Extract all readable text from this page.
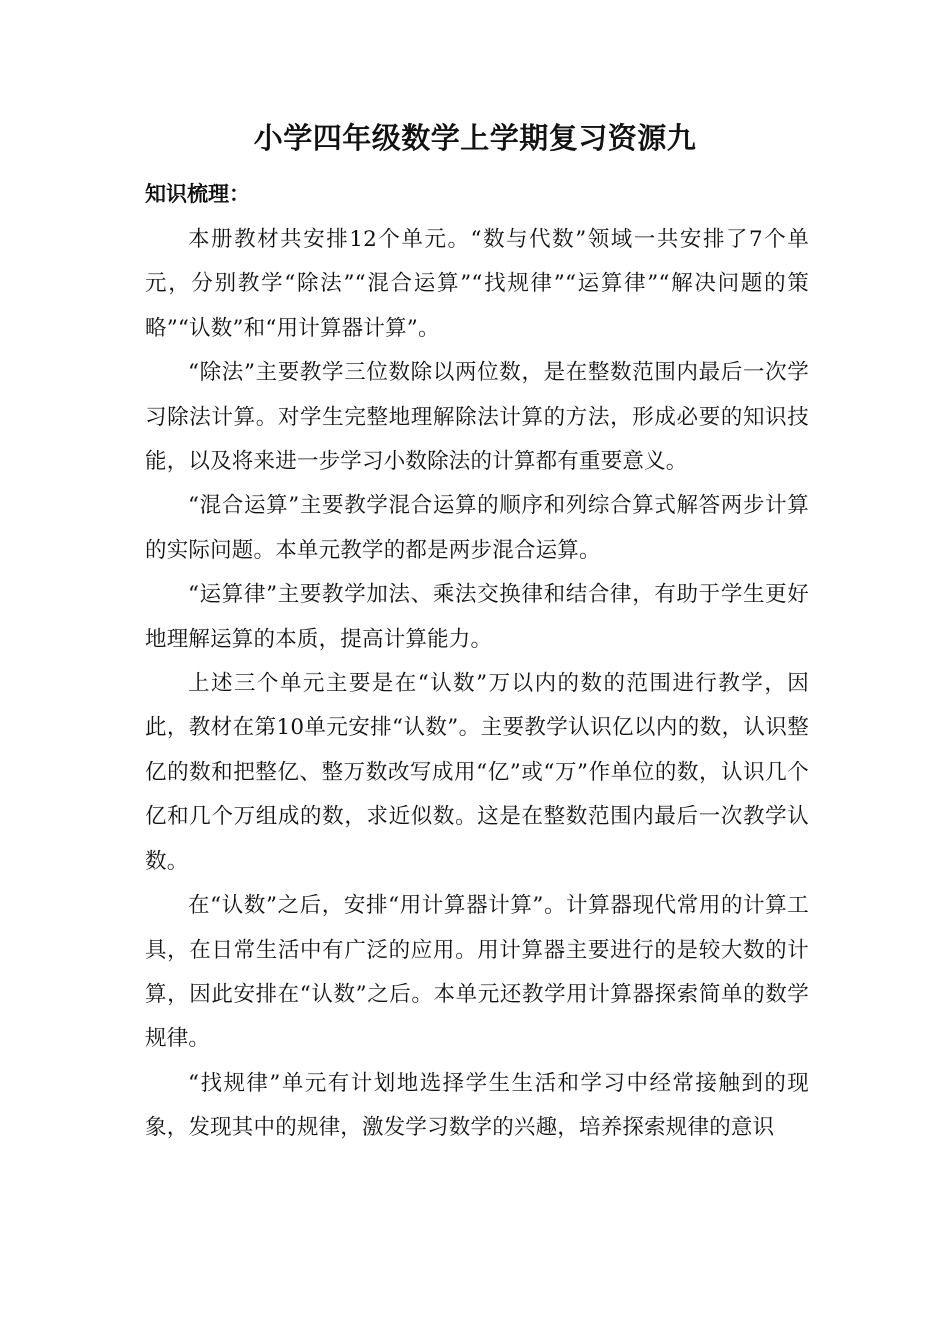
小学四年级数学上学期复习资源九
知识梳理：

本册教材共安排12个单元。“数与代数”领域一共安排了7个单元，分别教学“除法”“混合运算”“找规律”“运算律”“解决问题的策略”“认数”和“用计算器计算”。

“除法”主要教学三位数除以两位数，是在整数范围内最后一次学习除法计算。对学生完整地理解除法计算的方法，形成必要的知识技能，以及将来进一步学习小数除法的计算都有重要意义。

“混合运算”主要教学混合运算的顺序和列综合算式解答两步计算的实际问题。本单元教学的都是两步混合运算。

“运算律”主要教学加法、乘法交换律和结合律，有助于学生更好地理解运算的本质，提高计算能力。

上述三个单元主要是在“认数”万以内的数的范围进行教学，因此，教材在第10单元安排“认数”。主要教学认识亿以内的数，认识整亿的数和把整亿、整万数改写成用“亿”或“万”作单位的数，认识几个亿和几个万组成的数，求近似数。这是在整数范围内最后一次教学认数。

在“认数”之后，安排“用计算器计算”。计算器现代常用的计算工具，在日常生活中有广泛的应用。用计算器主要进行的是较大数的计算，因此安排在“认数”之后。本单元还教学用计算器探索简单的数学规律。

“找规律”单元有计划地选择学生生活和学习中经常接触到的现象，发现其中的规律，激发学习数学的兴趣，培养探索规律的意识
